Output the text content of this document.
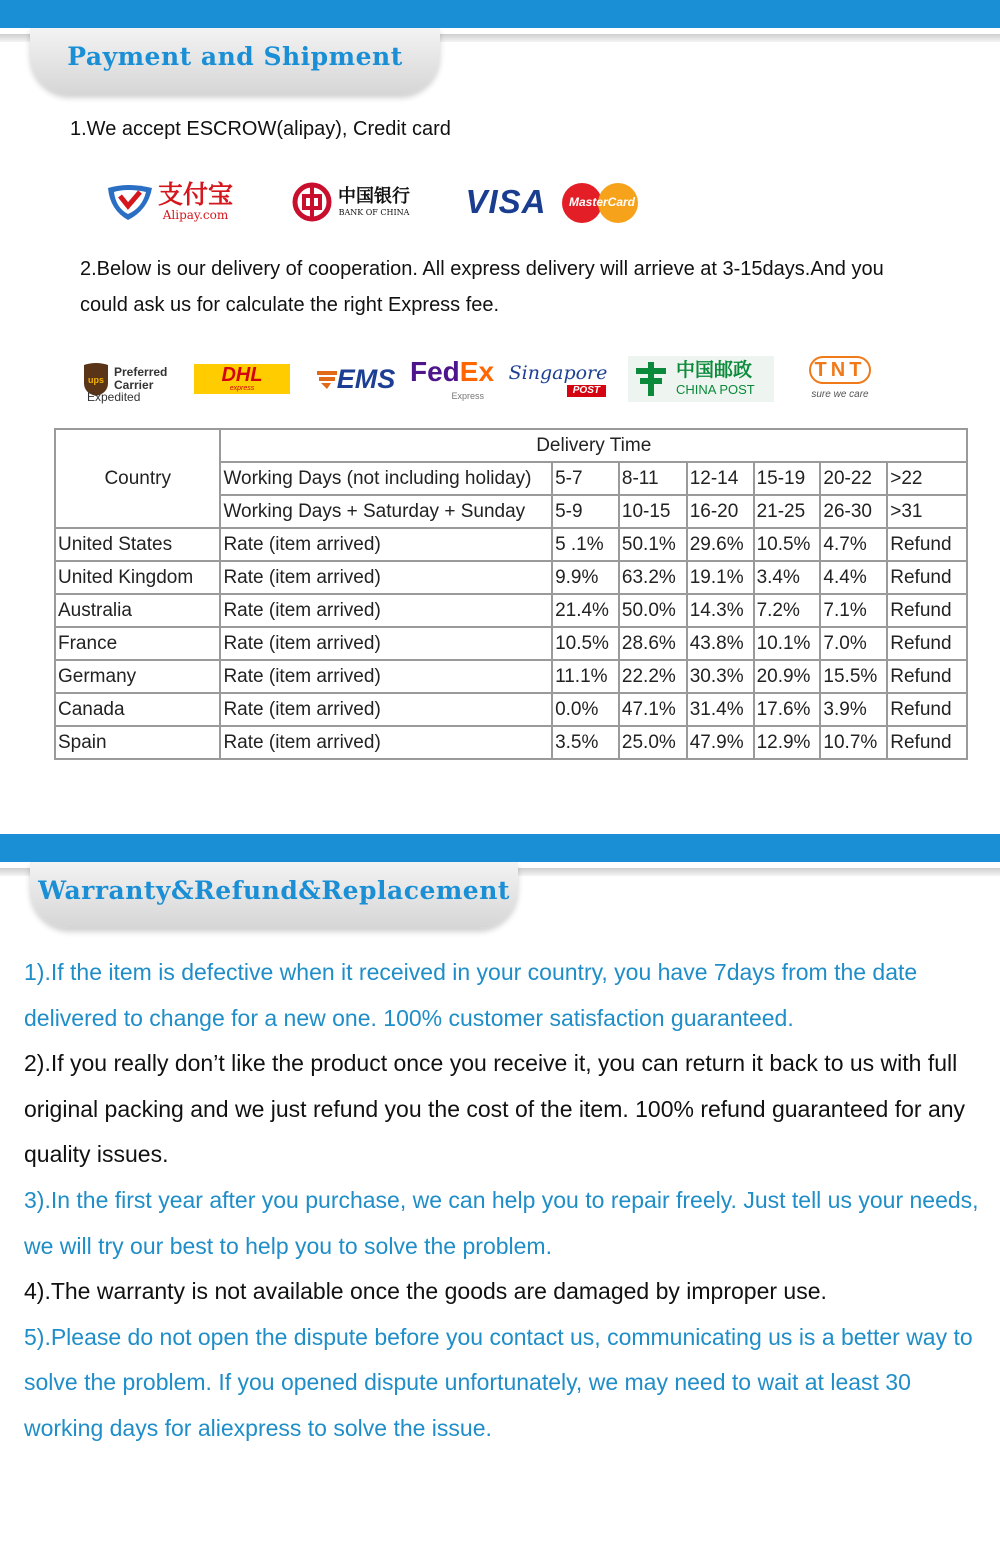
Payment and Shipment
1.We accept ESCROW(alipay), Credit card
支付宝
Alipay.com
中国银行
BANK OF CHINA VISA MasterCard
2.Below is our delivery of cooperation. All express delivery will arrieve at 3-15days.And you
could ask us for calculate the right Express fee.
ups
Preferred
Carrier
Expedited
DHL
express	EMS FedEx
Express
Singapore
POST
中国邮政
CHINA POST
TNT
sure we care
Country	Delivery Time						
	Working Days (not including holiday)	5-7	8-11	12-14	15-19	20-22	>22
	Working Days + Saturday + Sunday	5-9	10-15	16-20	21-25	26-30	>31
United States	Rate (item arrived)	5 .1%	50.1%	29.6%	10.5%	4.7%	Refund
United Kingdom	Rate (item arrived)	9.9%	63.2%	19.1%	3.4%	4.4%	Refund
Australia	Rate (item arrived)	21.4%	50.0%	14.3%	7.2%	7.1%	Refund
France	Rate (item arrived)	10.5%	28.6%	43.8%	10.1%	7.0%	Refund
Germany	Rate (item arrived)	11.1%	22.2%	30.3%	20.9%	15.5%	Refund
Canada	Rate (item arrived)	0.0%	47.1%	31.4%	17.6%	3.9%	Refund
Spain	Rate (item arrived)	3.5%	25.0%	47.9%	12.9%	10.7%	Refund
Warranty&Refund&Replacement
1).If the item is defective when it received in your country, you have 7days from the date delivered to change for a new one. 100% customer satisfaction guaranteed.
2).If you really don’t like the product once you receive it, you can return it back to us with full original packing and we just refund you the cost of the item. 100% refund guaranteed for any quality issues.
3).In the first year after you purchase, we can help you to repair freely. Just tell us your needs, we will try our best to help you to solve the problem.
4).The warranty is not available once the goods are damaged by improper use.
5).Please do not open the dispute before you contact us, communicating us is a better way to solve the problem. If you opened dispute unfortunately, we may need to wait at least 30 working days for aliexpress to solve the issue.
